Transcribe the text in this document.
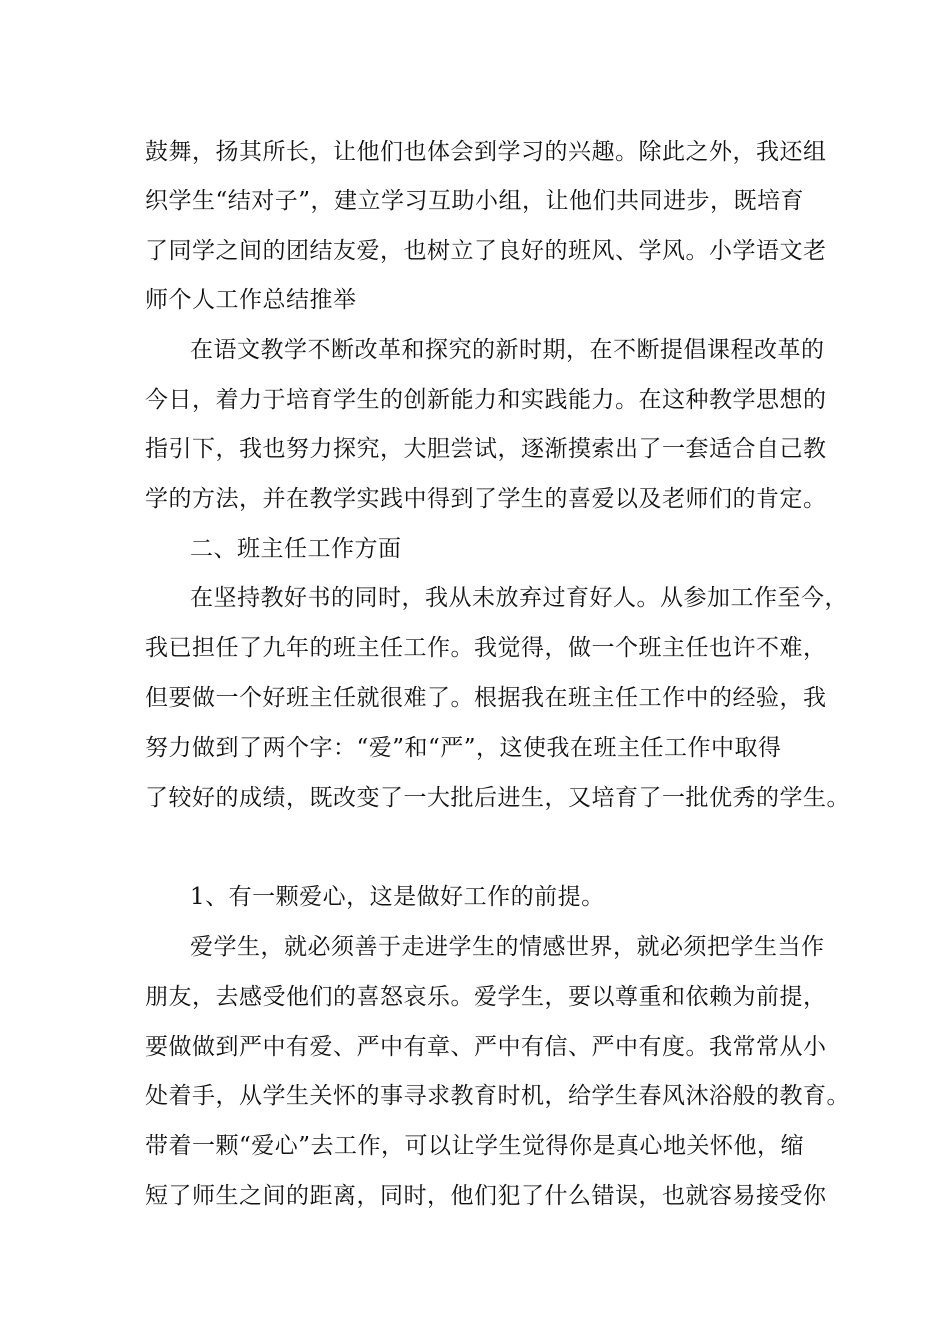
鼓舞，扬其所长，让他们也体会到学习的兴趣。除此之外，我还组
织学生“结对子”，建立学习互助小组，让他们共同进步，既培育
了同学之间的团结友爱，也树立了良好的班风、学风。小学语文老
师个人工作总结推举
在语文教学不断改革和探究的新时期，在不断提倡课程改革的
今日，着力于培育学生的创新能力和实践能力。在这种教学思想的
指引下，我也努力探究，大胆尝试，逐渐摸索出了一套适合自己教
学的方法，并在教学实践中得到了学生的喜爱以及老师们的肯定。
二、班主任工作方面
在坚持教好书的同时，我从未放弃过育好人。从参加工作至今，
我已担任了九年的班主任工作。我觉得，做一个班主任也许不难，
但要做一个好班主任就很难了。根据我在班主任工作中的经验，我
努力做到了两个字：“爱”和“严”，这使我在班主任工作中取得
了较好的成绩，既改变了一大批后进生，又培育了一批优秀的学生。
1、有一颗爱心，这是做好工作的前提。
爱学生，就必须善于走进学生的情感世界，就必须把学生当作
朋友，去感受他们的喜怒哀乐。爱学生，要以尊重和依赖为前提，
要做做到严中有爱、严中有章、严中有信、严中有度。我常常从小
处着手，从学生关怀的事寻求教育时机，给学生春风沐浴般的教育。
带着一颗“爱心”去工作，可以让学生觉得你是真心地关怀他，缩
短了师生之间的距离，同时，他们犯了什么错误，也就容易接受你
